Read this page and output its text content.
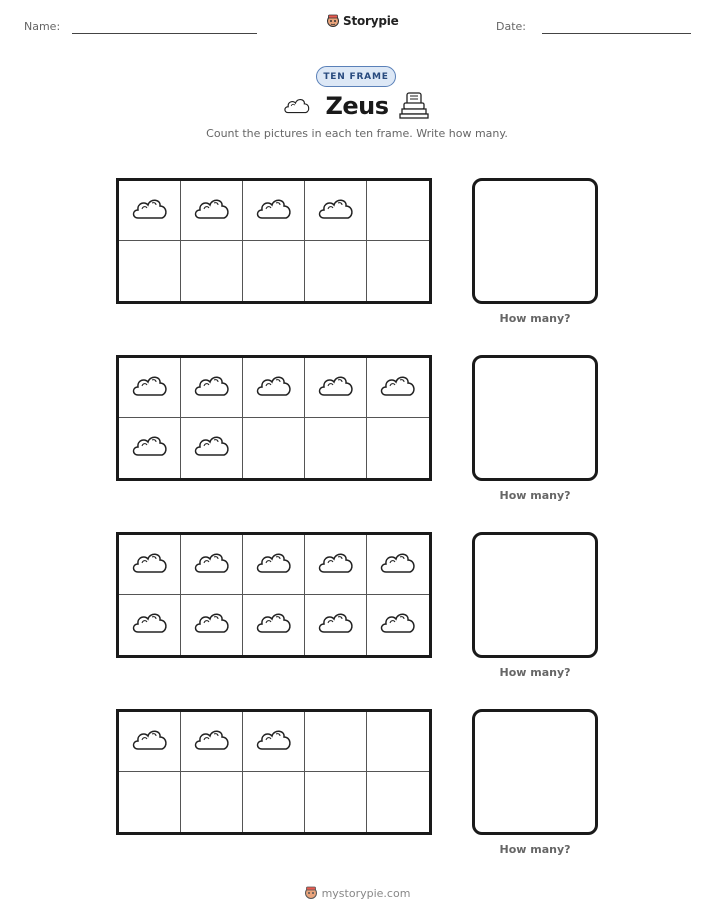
Name:	Storypie	Date:
TEN FRAME
Zeus
Count the pictures in each ten frame. Write how many.
How many?
How many?
How many?
How many?
mystorypie.com
